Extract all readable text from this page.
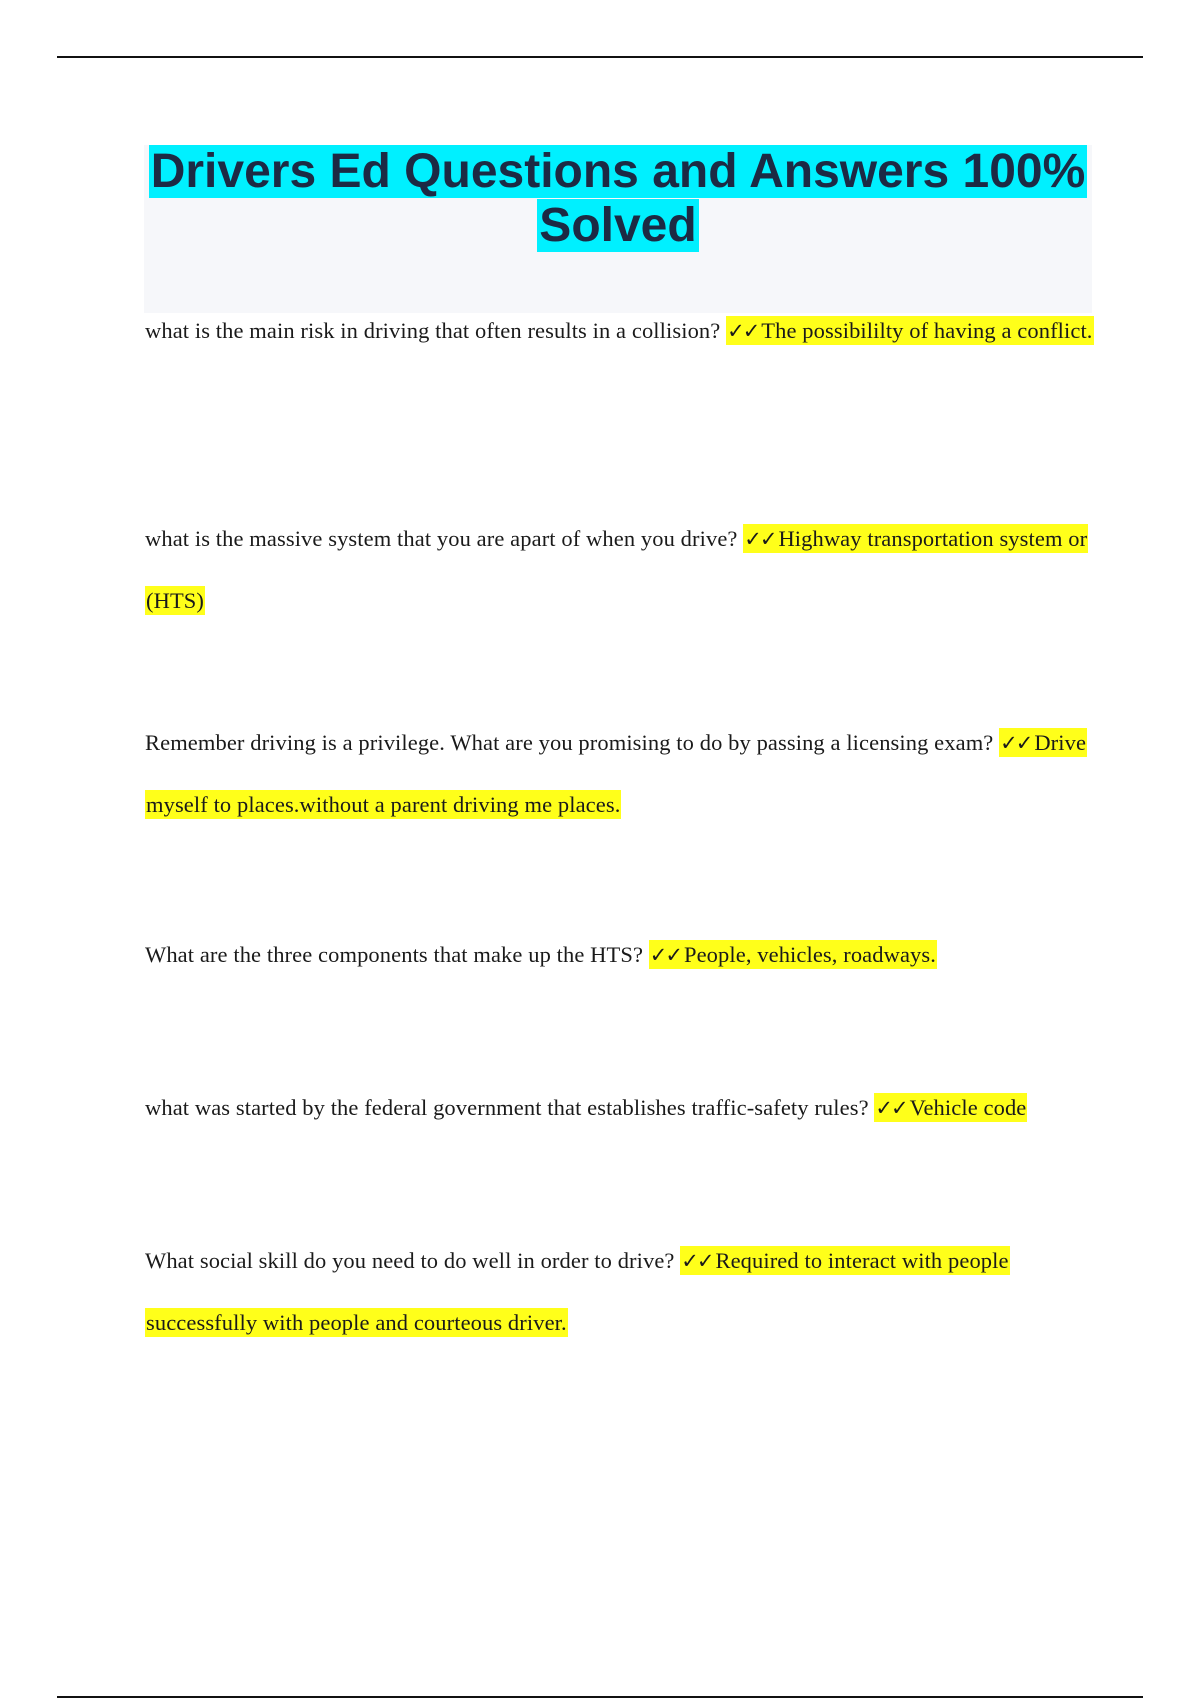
Drivers Ed Questions and Answers 100% Solved

what is the main risk in driving that often results in a collision? ✓✓ The possibililty of having a conflict.

what is the massive system that you are apart of when you drive? ✓✓ Highway transportation system or (HTS)

Remember driving is a privilege. What are you promising to do by passing a licensing exam? ✓✓ Drive myself to places.without a parent driving me places.

What are the three components that make up the HTS? ✓✓ People, vehicles, roadways.

what was started by the federal government that establishes traffic-safety rules? ✓✓ Vehicle code

What social skill do you need to do well in order to drive? ✓✓ Required to interact with people successfully with people and courteous driver.
